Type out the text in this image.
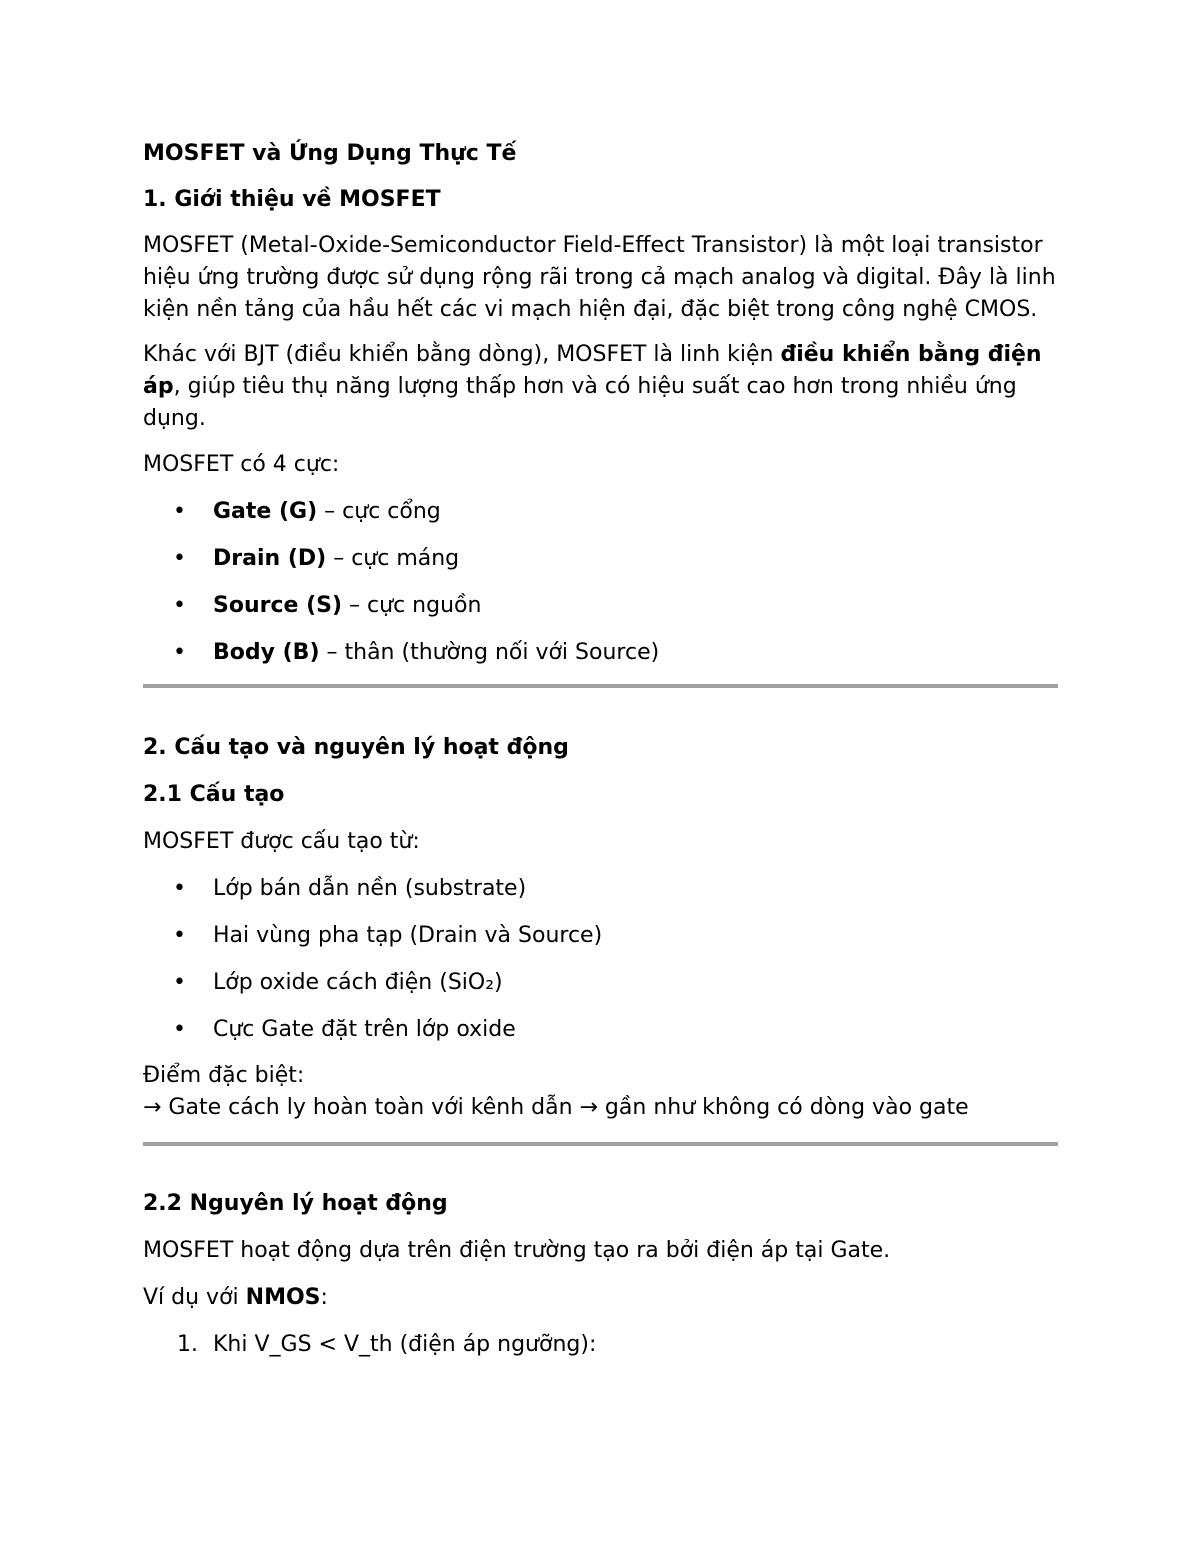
MOSFET và Ứng Dụng Thực Tế
1. Giới thiệu về MOSFET

MOSFET (Metal-Oxide-Semiconductor Field-Effect Transistor) là một loại transistor hiệu ứng trường được sử dụng rộng rãi trong cả mạch analog và digital. Đây là linh kiện nền tảng của hầu hết các vi mạch hiện đại, đặc biệt trong công nghệ CMOS.

Khác với BJT (điều khiển bằng dòng), MOSFET là linh kiện điều khiển bằng điện áp, giúp tiêu thụ năng lượng thấp hơn và có hiệu suất cao hơn trong nhiều ứng dụng.

MOSFET có 4 cực:

• Gate (G) – cực cổng
• Drain (D) – cực máng
• Source (S) – cực nguồn
• Body (B) – thân (thường nối với Source)
2. Cấu tạo và nguyên lý hoạt động
2.1 Cấu tạo

MOSFET được cấu tạo từ:

• Lớp bán dẫn nền (substrate)
• Hai vùng pha tạp (Drain và Source)
• Lớp oxide cách điện (SiO₂)
• Cực Gate đặt trên lớp oxide

Điểm đặc biệt:

→ Gate cách ly hoàn toàn với kênh dẫn → gần như không có dòng vào gate

2.2 Nguyên lý hoạt động

MOSFET hoạt động dựa trên điện trường tạo ra bởi điện áp tại Gate.

Ví dụ với NMOS:

1. Khi V_GS < V_th (điện áp ngưỡng):
